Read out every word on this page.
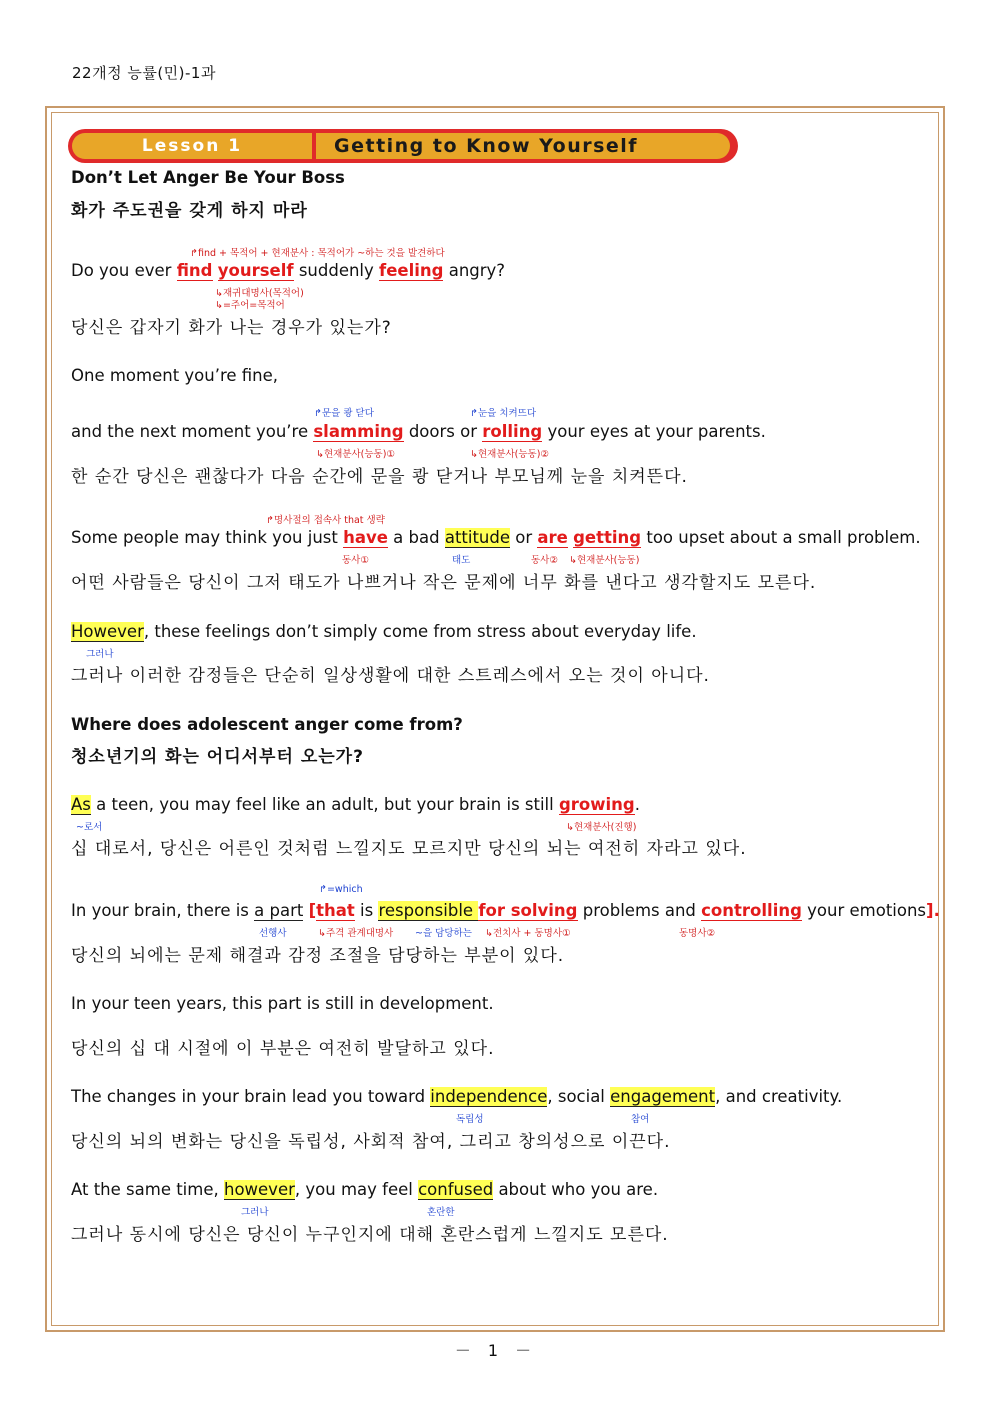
22개정 능률(민)-1과
Lesson 1	Getting to Know Yourself
Don’t Let Anger Be Your Boss
화가 주도권을 갖게 하지 마라
↱find + 목적어 + 현재분사 : 목적어가 ~하는 것을 발견하다
Do you ever find yourself suddenly feeling angry?
↳재귀대명사(목적어)
↳=주어=목적어
당신은 갑자기 화가 나는 경우가 있는가?
One moment you’re fine,
↱문을 쾅 닫다	↱눈을 치켜뜨다
and the next moment you’re slamming doors or rolling your eyes at your parents.
↳현재분사(능동)①	↳현재분사(능동)②
한 순간 당신은 괜찮다가 다음 순간에 문을 쾅 닫거나 부모님께 눈을 치켜뜬다.
↱명사절의 접속사 that 생략
Some people may think you just have a bad attitude or are getting too upset about a small problem.
동사①	태도	동사② ↳현재분사(능동)
어떤 사람들은 당신이 그저 태도가 나쁘거나 작은 문제에 너무 화를 낸다고 생각할지도 모른다.
However, these feelings don’t simply come from stress about everyday life.
그러나
그러나 이러한 감정들은 단순히 일상생활에 대한 스트레스에서 오는 것이 아니다.
Where does adolescent anger come from?
청소년기의 화는 어디서부터 오는가?
As a teen, you may feel like an adult, but your brain is still growing.
~로서	↳현재분사(진행)
십 대로서, 당신은 어른인 것처럼 느낄지도 모르지만 당신의 뇌는 여전히 자라고 있다.
↱=which
In your brain, there is a part [that is responsible for solving problems and controlling your emotions].
선행사	↳주격 관계대명사 ~을 담당하는 ↳전치사 + 동명사①	동명사②
당신의 뇌에는 문제 해결과 감정 조절을 담당하는 부분이 있다.
In your teen years, this part is still in development.
당신의 십 대 시절에 이 부분은 여전히 발달하고 있다.
The changes in your brain lead you toward independence, social engagement, and creativity.
독립성	참여
당신의 뇌의 변화는 당신을 독립성, 사회적 참여, 그리고 창의성으로 이끈다.
At the same time, however, you may feel confused about who you are.
그러나	혼란한
그러나 동시에 당신은 당신이 누구인지에 대해 혼란스럽게 느낄지도 모른다.
－ 1 －
